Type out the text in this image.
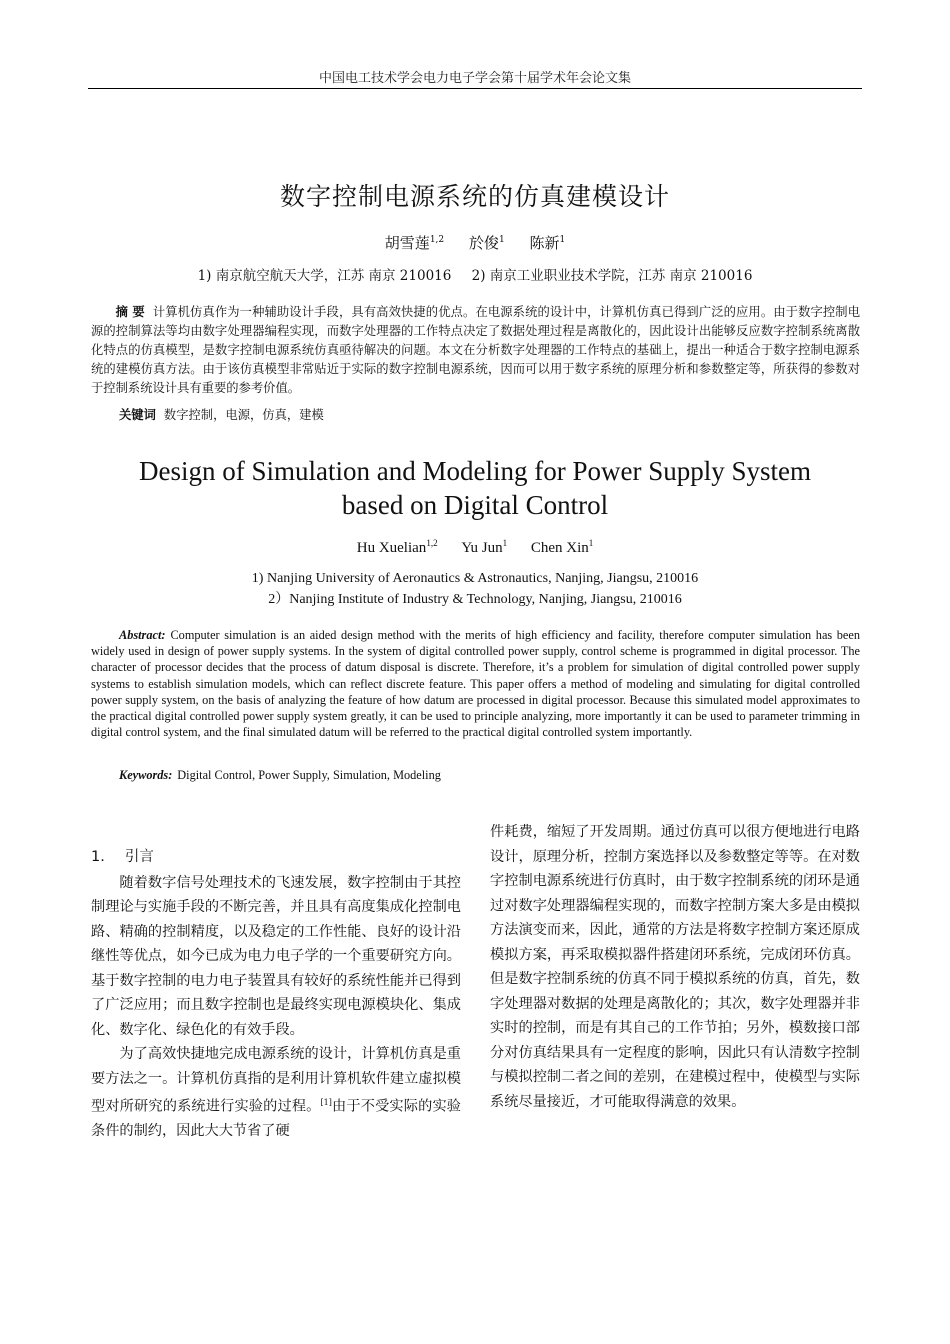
中国电工技术学会电力电子学会第十届学术年会论文集
数字控制电源系统的仿真建模设计
胡雪莲$^{1,2}$ 於俊$^1$ 陈新$^1$
1) 南京航空航天大学，江苏 南京 210016 2) 南京工业职业技术学院，江苏 南京 210016
摘 要 计算机仿真作为一种辅助设计手段，具有高效快捷的优点。在电源系统的设计中，计算机仿真已得到广泛的应用。由于数字控制电源的控制算法等均由数字处理器编程实现，而数字处理器的工作特点决定了数据处理过程是离散化的，因此设计出能够反应数字控制系统离散化特点的仿真模型，是数字控制电源系统仿真亟待解决的问题。本文在分析数字处理器的工作特点的基础上，提出一种适合于数字控制电源系统的建模仿真方法。由于该仿真模型非常贴近于实际的数字控制电源系统，因而可以用于数字系统的原理分析和参数整定等，所获得的参数对于控制系统设计具有重要的参考价值。
关键词 数字控制，电源，仿真，建模
Design of Simulation and Modeling for Power Supply System
based on Digital Control
Hu Xuelian$^{1,2}$ Yu Jun$^1$ Chen Xin$^1$
1) Nanjing University of Aeronautics & Astronautics, Nanjing, Jiangsu, 210016
2）Nanjing Institute of Industry & Technology, Nanjing, Jiangsu, 210016
Abstract: Computer simulation is an aided design method with the merits of high efficiency and facility, therefore computer simulation has been widely used in design of power supply systems. In the system of digital controlled power supply, control scheme is programmed in digital processor. The character of processor decides that the process of datum disposal is discrete. Therefore, it’s a problem for simulation of digital controlled power supply systems to establish simulation models, which can reflect discrete feature. This paper offers a method of modeling and simulating for digital controlled power supply system, on the basis of analyzing the feature of how datum are processed in digital processor. Because this simulated model approximates to the practical digital controlled power supply system greatly, it can be used to principle analyzing, more importantly it can be used to parameter trimming in digital control system, and the final simulated datum will be referred to the practical digital controlled system importantly.
Keywords: Digital Control, Power Supply, Simulation, Modeling
1. 引言

随着数字信号处理技术的飞速发展，数字控制由于其控制理论与实施手段的不断完善，并且具有高度集成化控制电路、精确的控制精度，以及稳定的工作性能、良好的设计沿继性等优点，如今已成为电力电子学的一个重要研究方向。基于数字控制的电力电子装置具有较好的系统性能并已得到了广泛应用；而且数字控制也是最终实现电源模块化、集成化、数字化、绿色化的有效手段。

为了高效快捷地完成电源系统的设计，计算机仿真是重要方法之一。计算机仿真指的是利用计算机软件建立虚拟模型对所研究的系统进行实验的过程。[1]由于不受实际的实验条件的制约，因此大大节省了硬

件耗费，缩短了开发周期。通过仿真可以很方便地进行电路设计，原理分析，控制方案选择以及参数整定等等。在对数字控制电源系统进行仿真时，由于数字控制系统的闭环是通过对数字处理器编程实现的，而数字控制方案大多是由模拟方法演变而来，因此，通常的方法是将数字控制方案还原成模拟方案，再采取模拟器件搭建闭环系统，完成闭环仿真。但是数字控制系统的仿真不同于模拟系统的仿真，首先，数字处理器对数据的处理是离散化的；其次，数字处理器并非实时的控制，而是有其自己的工作节拍；另外，模数接口部分对仿真结果具有一定程度的影响，因此只有认清数字控制与模拟控制二者之间的差别，在建模过程中，使模型与实际系统尽量接近，才可能取得满意的效果。
